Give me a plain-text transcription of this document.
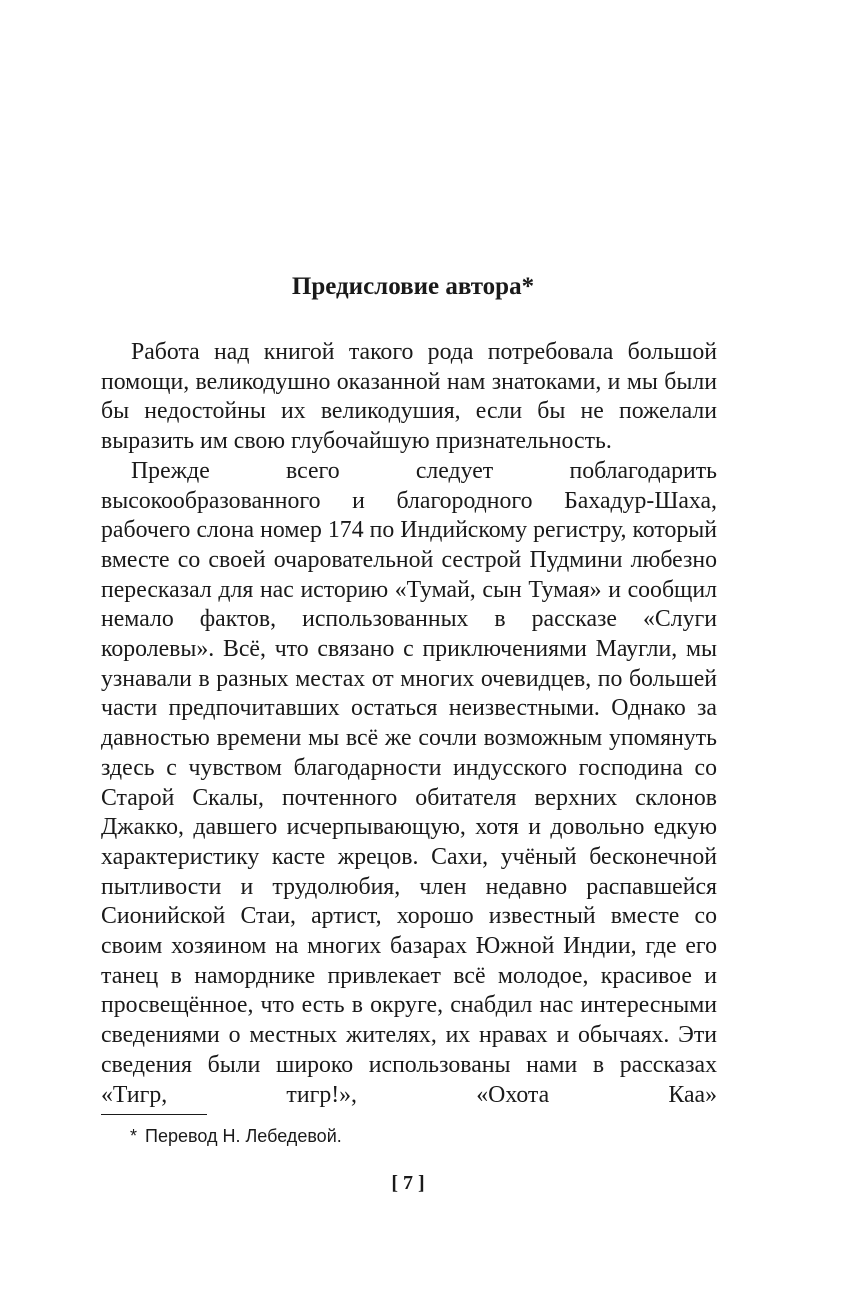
Предисловие автора*

Работа над книгой такого рода потребовала большой помощи, великодушно оказанной нам знатоками, и мы были бы недостойны их великодушия, если бы не пожелали выразить им свою глубочайшую признательность.

Прежде всего следует поблагодарить высокообразованного и благородного Бахадур-Шаха, рабочего слона номер 174 по Индийскому регистру, который вместе со своей очаровательной сестрой Пудмини любезно пересказал для нас историю «Тумай, сын Тумая» и сообщил немало фактов, использованных в рассказе «Слуги королевы». Всё, что связано с приключениями Маугли, мы узнавали в разных местах от многих очевидцев, по большей части предпочитавших остаться неизвестными. Однако за давностью времени мы всё же сочли возможным упомянуть здесь с чувством благодарности индусского господина со Старой Скалы, почтенного обитателя верхних склонов Джакко, давшего исчерпывающую, хотя и довольно едкую характеристику касте жрецов. Сахи, учёный бесконечной пытливости и трудолюбия, член недавно распавшейся Сионийской Стаи, артист, хорошо известный вместе со своим хозяином на многих базарах Южной Индии, где его танец в наморднике привлекает всё молодое, красивое и просвещённое, что есть в округе, снабдил нас интересными сведениями о местных жителях, их нравах и обычаях. Эти сведения были широко использованы нами в рассказах «Тигр, тигр!», «Охота Каа»

* Перевод Н. Лебедевой.
[ 7 ]
